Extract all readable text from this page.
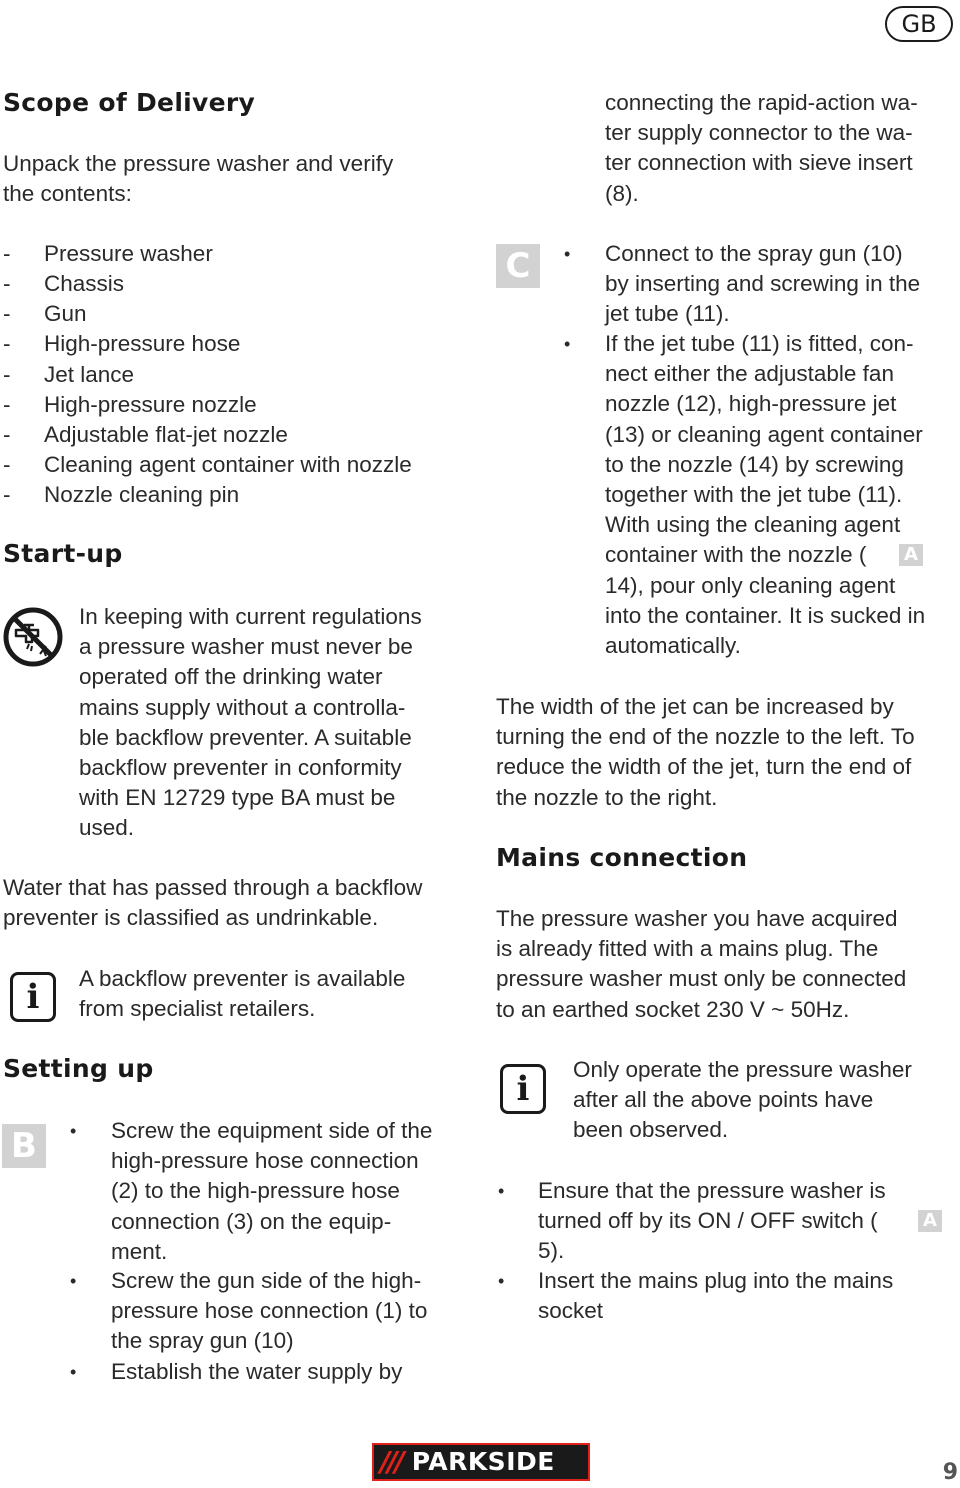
GB
Scope of Delivery
Unpack the pressure washer and verify
the contents:
- Pressure washer
- Chassis
- Gun
- High-pressure hose
- Jet lance
- High-pressure nozzle
- Adjustable flat-jet nozzle
- Cleaning agent container with nozzle
- Nozzle cleaning pin
Start-up
In keeping with current regulations
a pressure washer must never be
operated off the drinking water
mains supply without a controlla-
ble backflow preventer. A suitable
backflow preventer in conformity
with EN 12729 type BA must be
used.
Water that has passed through a backflow
preventer is classified as undrinkable.
i	A backflow preventer is available
from specialist retailers.
Setting up
B	• Screw the equipment side of the
high-pressure hose connection
(2) to the high-pressure hose
connection (3) on the equip-
ment.
• Screw the gun side of the high-
pressure hose connection (1) to
the spray gun (10)
• Establish the water supply by
connecting the rapid-action wa-
ter supply connector to the wa-
ter connection with sieve insert
(8).
C	• Connect to the spray gun (10)
by inserting and screwing in the
jet tube (11).
• If the jet tube (11) is fitted, con-
nect either the adjustable fan
nozzle (12), high-pressure jet
(13) or cleaning agent container
to the nozzle (14) by screwing
together with the jet tube (11).
With using the cleaning agent
container with the nozzle (
14), pour only cleaning agent
into the container. It is sucked in
automatically.
A
The width of the jet can be increased by
turning the end of the nozzle to the left. To
reduce the width of the jet, turn the end of
the nozzle to the right.
Mains connection
The pressure washer you have acquired
is already fitted with a mains plug. The
pressure washer must only be connected
to an earthed socket 230 V ~ 50Hz.
i	Only operate the pressure washer
after all the above points have
been observed.
• Ensure that the pressure washer is
turned off by its ON / OFF switch (
5).
A
• Insert the mains plug into the mains
socket
/// PARKSIDE	9
